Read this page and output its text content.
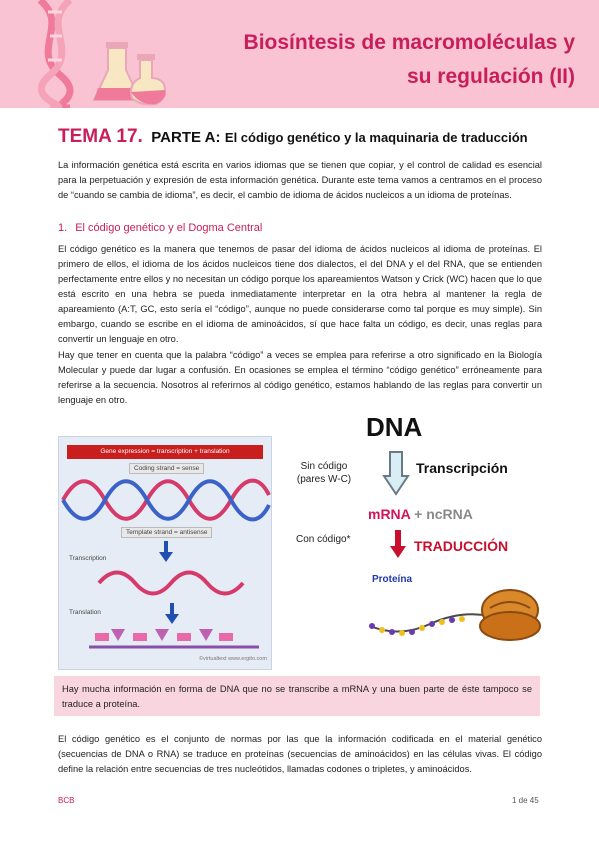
Biosíntesis de macromoléculas y su regulación (II)
TEMA 17. PARTE A: El código genético y la maquinaria de traducción
La información genética está escrita en varios idiomas que se tienen que copiar, y el control de calidad es esencial para la perpetuación y expresión de esta información genética. Durante este tema vamos a centramos en el proceso de “cuando se cambia de idioma”, es decir, el cambio de idioma de ácidos nucleicos a un idioma de proteínas.
1. El código genético y el Dogma Central
El código genético es la manera que tenemos de pasar del idioma de ácidos nucleicos al idioma de proteínas. El primero de ellos, el idioma de los ácidos nucleicos tiene dos dialectos, el del DNA y el del RNA, que se entienden perfectamente entre ellos y no necesitan un código porque los apareamientos Watson y Crick (WC) hacen que lo que está escrito en una hebra se pueda inmediatamente interpretar en la otra hebra al mantener la regla de apareamiento (A:T, GC, esto sería el “código”, aunque no puede considerarse como tal porque es muy simple). Sin embargo, cuando se escribe en el idioma de aminoácidos, sí que hace falta un código, es decir, unas reglas para convertir un lenguaje en otro.
Hay que tener en cuenta que la palabra “código” a veces se emplea para referirse a otro significado en la Biología Molecular y puede dar lugar a confusión. En ocasiones se emplea el término “código genético” erróneamente para referirse a la secuencia. Nosotros al referirnos al código genético, estamos hablando de las reglas para convertir un lenguaje en otro.
Gene expression = transcription + translation
Coding strand = sense
Template strand = antisense
Transcription
Translation
©virtualtext www.ergito.com
DNA
Sin código (pares W-C)
Transcripción
mRNA + ncRNA
Con código*	TRADUCCIÓN
Proteína
Hay mucha información en forma de DNA que no se transcribe a mRNA y una buen parte de éste tampoco se traduce a proteína.
El código genético es el conjunto de normas por las que la información codificada en el material genético (secuencias de DNA o RNA) se traduce en proteínas (secuencias de aminoácidos) en las células vivas. El código define la relación entre secuencias de tres nucleótidos, llamadas codones o tripletes, y aminoácidos.
BCB	1 de 45
